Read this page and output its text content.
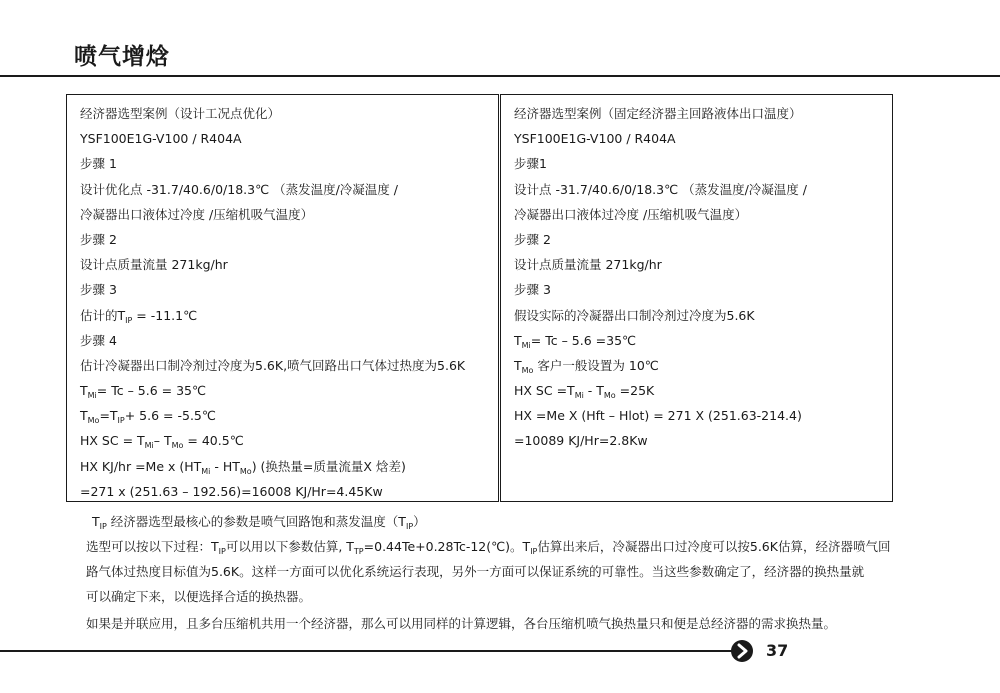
喷气增焓
经济器选型案例（设计工况点优化）
YSF100E1G-V100 / R404A
步骤 1
设计优化点 -31.7/40.6/0/18.3℃ （蒸发温度/冷凝温度 /
冷凝器出口液体过冷度 /压缩机吸气温度）
步骤 2
设计点质量流量 271kg/hr
步骤 3
估计的$T_{IP}$ = -11.1℃
步骤 4
估计冷凝器出口制冷剂过冷度为5.6K,喷气回路出口气体过热度为5.6K
$T_{Mi}= Tc - 5.6$ = 35℃
$T_{Mo}=T_{IP}+ 5.6$ = -5.5℃
HX SC = $T_{Mi}-$ $T_{Mo}$ = 40.5℃
HX KJ/hr =Me x $(HT_{Mi} - HT_{Mo})$ (换热量=质量流量X 焓差)
=271 x (251.63 – 192.56)=16008 KJ/Hr=4.45Kw
经济器选型案例（固定经济器主回路液体出口温度）
YSF100E1G-V100 / R404A
步骤1
设计点 -31.7/40.6/0/18.3℃ （蒸发温度/冷凝温度 /
冷凝器出口液体过冷度 /压缩机吸气温度）
步骤 2
设计点质量流量 271kg/hr
步骤 3
假设实际的冷凝器出口制冷剂过冷度为5.6K
$T_{Mi}= Tc - 5.6$ =35℃
$T_{Mo}$ 客户一般设置为 10℃
HX SC $=T_{Mi} - T_{Mo} =25K$
HX =Me X (Hft – Hlot) = 271 X (251.63-214.4)
=10089 KJ/Hr=2.8Kw
$T_{IP}$ 经济器选型最核心的参数是喷气回路饱和蒸发温度$(T_{IP})$
选型可以按以下过程：$T_{IP}$可以用以下参数估算, $T_{TP}=0.44Te+0.28Tc-12(℃)$。$T_{IP}$估算出来后，冷凝器出口过冷度可以按5.6K估算，经济器喷气回
路气体过热度目标值为5.6K。这样一方面可以优化系统运行表现，另外一方面可以保证系统的可靠性。当这些参数确定了，经济器的换热量就
可以确定下来，以便选择合适的换热器。
如果是并联应用，且多台压缩机共用一个经济器，那么可以用同样的计算逻辑，各台压缩机喷气换热量只和便是总经济器的需求换热量。
37
